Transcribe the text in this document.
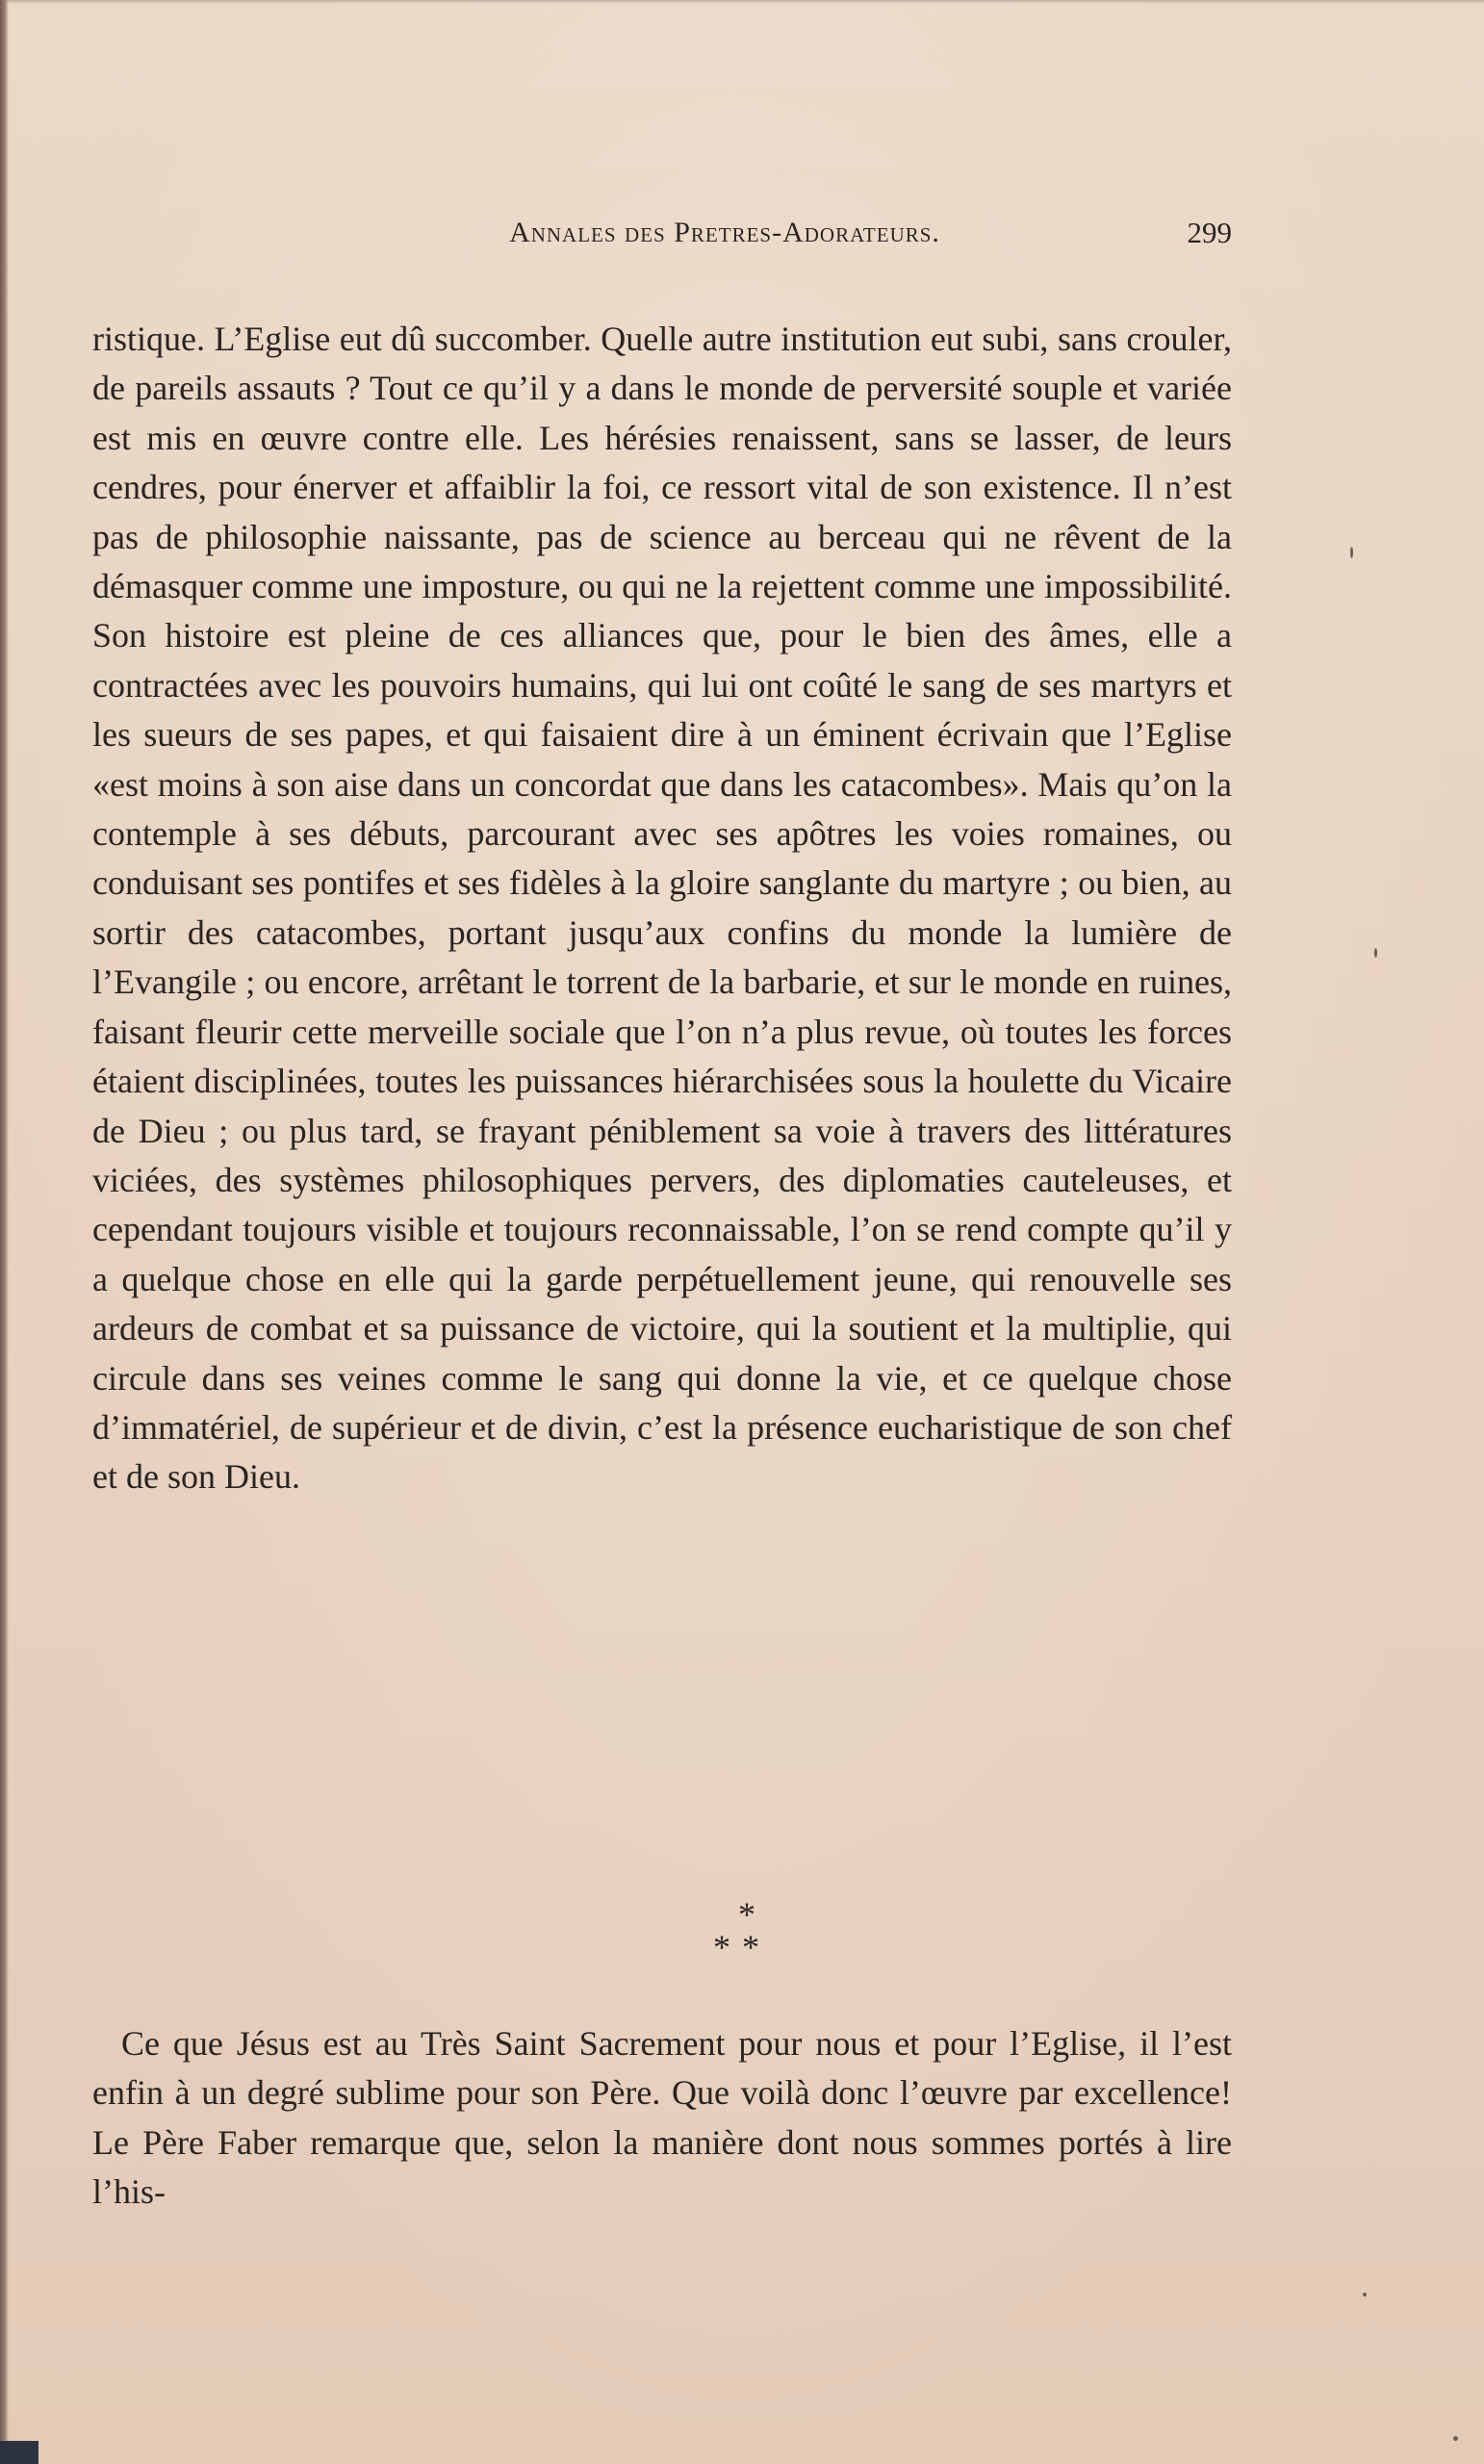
Annales des Pretres-Adorateurs.	299

ristique. L’Eglise eut dû succomber. Quelle autre institution eut subi, sans crouler, de pareils assauts ? Tout ce qu’il y a dans le monde de perversité souple et variée est mis en œuvre contre elle. Les hérésies renaissent, sans se lasser, de leurs cendres, pour énerver et affaiblir la foi, ce ressort vital de son existence. Il n’est pas de philosophie naissante, pas de science au berceau qui ne rêvent de la démasquer comme une imposture, ou qui ne la rejettent comme une impossibilité. Son histoire est pleine de ces alliances que, pour le bien des âmes, elle a contractées avec les pouvoirs humains, qui lui ont coûté le sang de ses martyrs et les sueurs de ses papes, et qui faisaient dire à un éminent écrivain que l’Eglise «est moins à son aise dans un concordat que dans les catacombes». Mais qu’on la contemple à ses débuts, parcourant avec ses apôtres les voies romaines, ou conduisant ses pontifes et ses fidèles à la gloire sanglante du martyre ; ou bien, au sortir des catacombes, portant jusqu’aux confins du monde la lumière de l’Evangile ; ou encore, arrêtant le torrent de la barbarie, et sur le monde en ruines, faisant fleurir cette merveille sociale que l’on n’a plus revue, où toutes les forces étaient disciplinées, toutes les puissances hiérarchisées sous la houlette du Vicaire de Dieu ; ou plus tard, se frayant péniblement sa voie à travers des littératures viciées, des systèmes philosophiques pervers, des diplomaties cauteleuses, et cependant toujours visible et toujours reconnaissable, l’on se rend compte qu’il y a quelque chose en elle qui la garde perpétuellement jeune, qui renouvelle ses ardeurs de combat et sa puissance de victoire, qui la soutient et la multiplie, qui circule dans ses veines comme le sang qui donne la vie, et ce quelque chose d’immatériel, de supérieur et de divin, c’est la présence eucharistique de son chef et de son Dieu.

*
**

Ce que Jésus est au Très Saint Sacrement pour nous et pour l’Eglise, il l’est enfin à un degré sublime pour son Père. Que voilà donc l’œuvre par excellence! Le Père Faber remarque que, selon la manière dont nous sommes portés à lire l’his-
